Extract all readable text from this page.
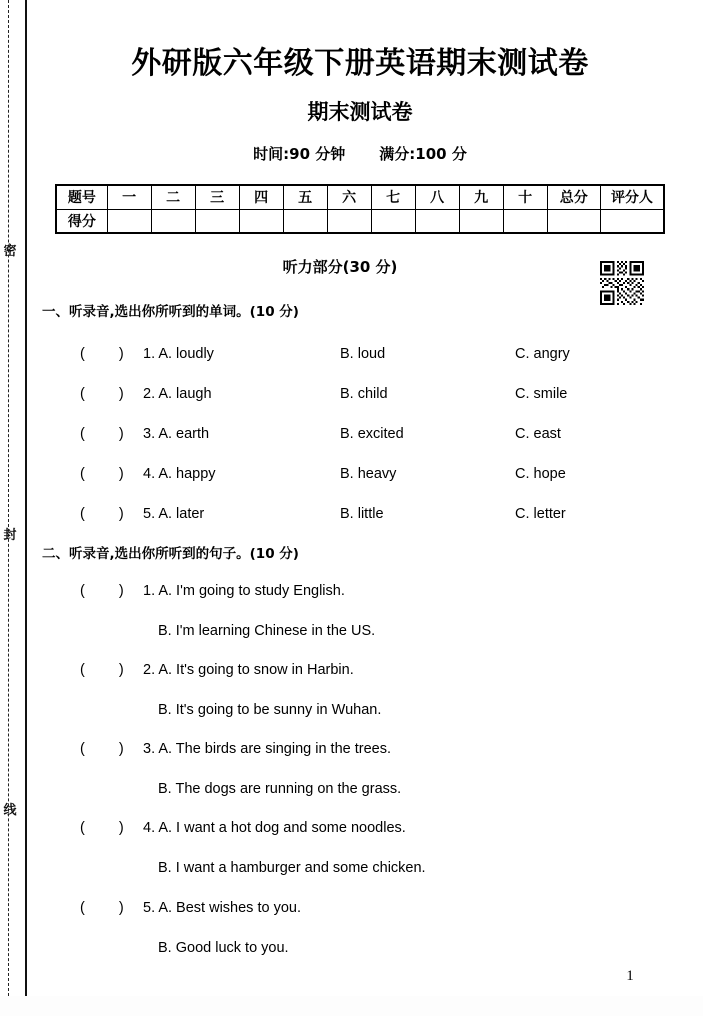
密
封
线
外研版六年级下册英语期末测试卷
期末测试卷
时间:90 分钟 满分:100 分
题号	一	二	三	四	五	六	七	八	九	十	总分	评分人
得分												
听力部分(30 分)
一、听录音,选出你所听到的单词。(10 分)
( ) 1. A. loudly	B. loud	C. angry
( ) 2. A. laugh	B. child	C. smile
( ) 3. A. earth	B. excited	C. east
( ) 4. A. happy	B. heavy	C. hope
( ) 5. A. later	B. little	C. letter
二、听录音,选出你所听到的句子。(10 分)
( ) 1. A. I'm going to study English.
B. I'm learning Chinese in the US.
( ) 2. A. It's going to snow in Harbin.
B. It's going to be sunny in Wuhan.
( ) 3. A. The birds are singing in the trees.
B. The dogs are running on the grass.
( ) 4. A. I want a hot dog and some noodles.
B. I want a hamburger and some chicken.
( ) 5. A. Best wishes to you.
B. Good luck to you.
1
